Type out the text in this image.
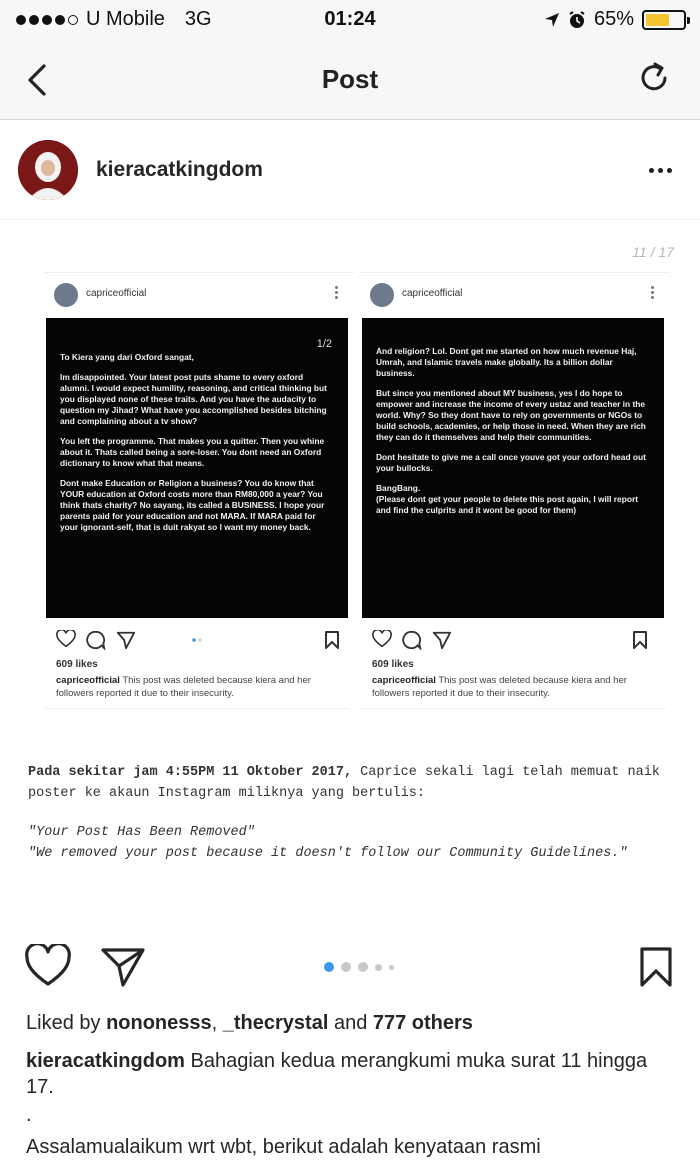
U Mobile 3G	01:24	65%
Post
kieracatkingdom
11 / 17
capriceofficial
1/2

To Kiera yang dari Oxford sangat,

Im disappointed. Your latest post puts shame to every oxford alumni. I would expect humility, reasoning, and critical thinking but you displayed none of these traits. And you have the audacity to question my Jihad? What have you accomplished besides bitching and complaining about a tv show?

You left the programme. That makes you a quitter. Then you whine about it. Thats called being a sore-loser. You dont need an Oxford dictionary to know what that means.

Dont make Education or Religion a business? You do know that YOUR education at Oxford costs more than RM80,000 a year? You think thats charity? No sayang, its called a BUSINESS. I hope your parents paid for your education and not MARA. If MARA paid for your ignorant-self, that is duit rakyat so I want my money back.

609 likes
capriceofficial This post was deleted because kiera and her followers reported it due to their insecurity.
capriceofficial

And religion? Lol. Dont get me started on how much revenue Haj, Umrah, and Islamic travels make globally. Its a billion dollar business.

But since you mentioned about MY business, yes I do hope to empower and increase the income of every ustaz and teacher in the world. Why? So they dont have to rely on governments or NGOs to build schools, academies, or help those in need. When they are rich they can do it themselves and help their communities.

Dont hesitate to give me a call once youve got your oxford head out your bullocks.

BangBang.
(Please dont get your people to delete this post again, I will report and find the culprits and it wont be good for them)

609 likes
capriceofficial This post was deleted because kiera and her followers reported it due to their insecurity.
Pada sekitar jam 4:55PM 11 Oktober 2017, Caprice sekali lagi telah memuat naik poster ke akaun Instagram miliknya yang bertulis:
"Your Post Has Been Removed"
"We removed your post because it doesn't follow our Community Guidelines."
Liked by nononesss, _thecrystal and 777 others
kieracatkingdom Bahagian kedua merangkumi muka surat 11 hingga 17.
.
Assalamualaikum wrt wbt, berikut adalah kenyataan rasmi
